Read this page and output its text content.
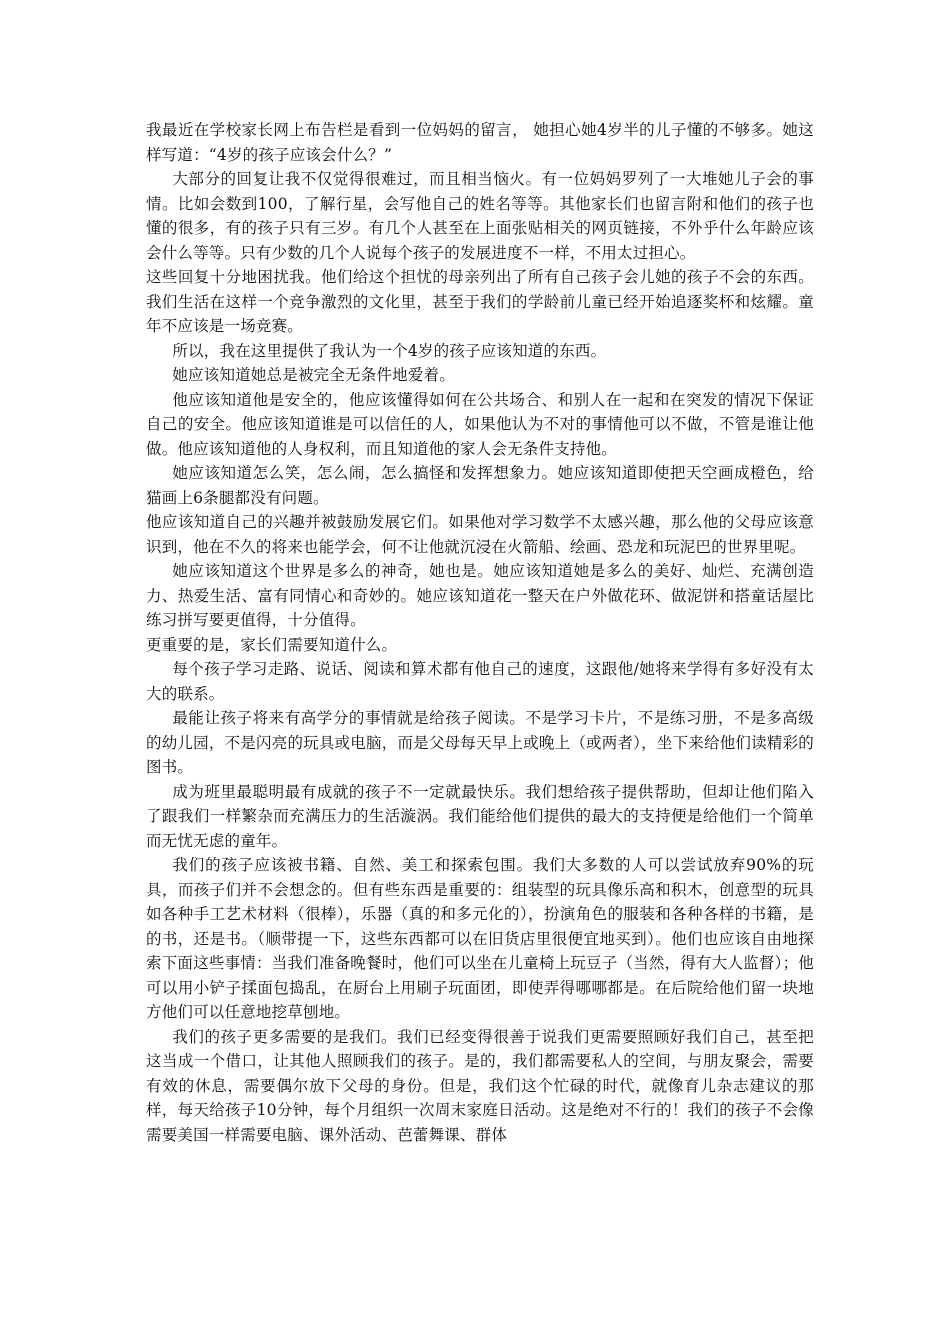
我最近在学校家长网上布告栏是看到一位妈妈的留言， 她担心她4岁半的儿子懂的不够多。她这样写道：“4岁的孩子应该会什么？”

大部分的回复让我不仅觉得很难过，而且相当恼火。有一位妈妈罗列了一大堆她儿子会的事情。比如会数到100，了解行星，会写他自己的姓名等等。其他家长们也留言附和他们的孩子也懂的很多，有的孩子只有三岁。有几个人甚至在上面张贴相关的网页链接，不外乎什么年龄应该会什么等等。只有少数的几个人说每个孩子的发展进度不一样，不用太过担心。

这些回复十分地困扰我。他们给这个担忧的母亲列出了所有自己孩子会儿她的孩子不会的东西。我们生活在这样一个竞争激烈的文化里，甚至于我们的学龄前儿童已经开始追逐奖杯和炫耀。童年不应该是一场竞赛。

所以，我在这里提供了我认为一个4岁的孩子应该知道的东西。

她应该知道她总是被完全无条件地爱着。

他应该知道他是安全的，他应该懂得如何在公共场合、和别人在一起和在突发的情况下保证自己的安全。他应该知道谁是可以信任的人，如果他认为不对的事情他可以不做，不管是谁让他做。他应该知道他的人身权利，而且知道他的家人会无条件支持他。

她应该知道怎么笑，怎么闹，怎么搞怪和发挥想象力。她应该知道即使把天空画成橙色，给猫画上6条腿都没有问题。

他应该知道自己的兴趣并被鼓励发展它们。如果他对学习数学不太感兴趣，那么他的父母应该意识到，他在不久的将来也能学会，何不让他就沉浸在火箭船、绘画、恐龙和玩泥巴的世界里呢。

她应该知道这个世界是多么的神奇，她也是。她应该知道她是多么的美好、灿烂、充满创造力、热爱生活、富有同情心和奇妙的。她应该知道花一整天在户外做花环、做泥饼和搭童话屋比练习拼写要更值得，十分值得。

更重要的是，家长们需要知道什么。

每个孩子学习走路、说话、阅读和算术都有他自己的速度，这跟他/她将来学得有多好没有太大的联系。

最能让孩子将来有高学分的事情就是给孩子阅读。不是学习卡片，不是练习册，不是多高级的幼儿园，不是闪亮的玩具或电脑，而是父母每天早上或晚上（或两者），坐下来给他们读精彩的图书。

成为班里最聪明最有成就的孩子不一定就最快乐。我们想给孩子提供帮助，但却让他们陷入了跟我们一样繁杂而充满压力的生活漩涡。我们能给他们提供的最大的支持便是给他们一个简单而无忧无虑的童年。

我们的孩子应该被书籍、自然、美工和探索包围。我们大多数的人可以尝试放弃90%的玩具，而孩子们并不会想念的。但有些东西是重要的：组装型的玩具像乐高和积木，创意型的玩具如各种手工艺术材料（很棒），乐器（真的和多元化的），扮演角色的服装和各种各样的书籍，是的书，还是书。（顺带提一下，这些东西都可以在旧货店里很便宜地买到）。他们也应该自由地探索下面这些事情：当我们准备晚餐时，他们可以坐在儿童椅上玩豆子（当然，得有大人监督）；他可以用小铲子揉面包捣乱，在厨台上用刷子玩面团，即使弄得哪哪都是。在后院给他们留一块地方他们可以任意地挖草刨地。

我们的孩子更多需要的是我们。我们已经变得很善于说我们更需要照顾好我们自己，甚至把这当成一个借口，让其他人照顾我们的孩子。是的，我们都需要私人的空间，与朋友聚会，需要有效的休息，需要偶尔放下父母的身份。但是，我们这个忙碌的时代，就像育儿杂志建议的那样，每天给孩子10分钟，每个月组织一次周末家庭日活动。这是绝对不行的！我们的孩子不会像需要美国一样需要电脑、课外活动、芭蕾舞课、群体
